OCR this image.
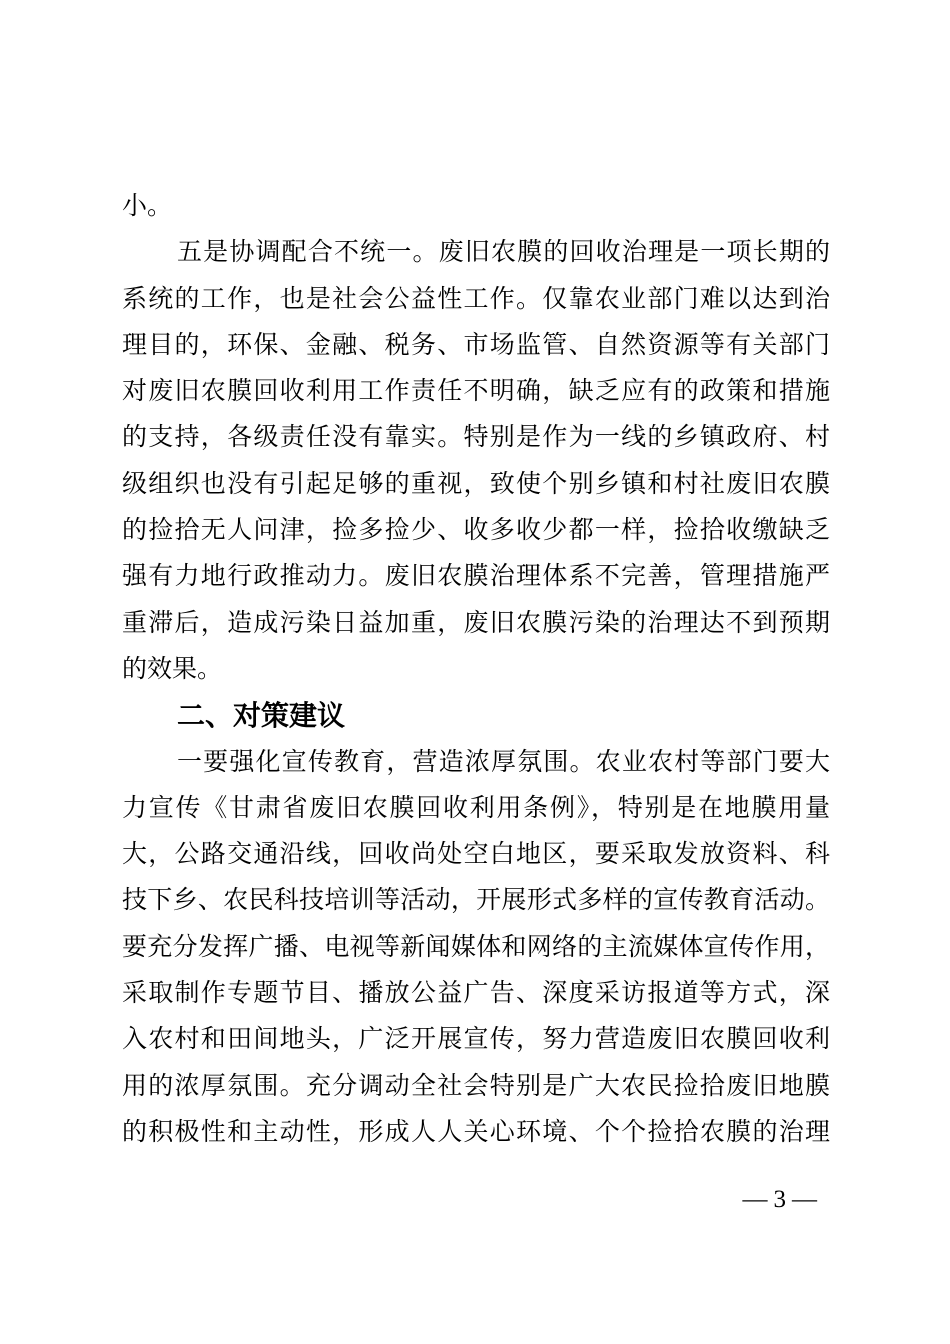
小。
五是协调配合不统一。废旧农膜的回收治理是一项长期的
系统的工作，也是社会公益性工作。仅靠农业部门难以达到治
理目的，环保、金融、税务、市场监管、自然资源等有关部门
对废旧农膜回收利用工作责任不明确，缺乏应有的政策和措施
的支持，各级责任没有靠实。特别是作为一线的乡镇政府、村
级组织也没有引起足够的重视，致使个别乡镇和村社废旧农膜
的捡拾无人问津，捡多捡少、收多收少都一样，捡拾收缴缺乏
强有力地行政推动力。废旧农膜治理体系不完善，管理措施严
重滞后，造成污染日益加重，废旧农膜污染的治理达不到预期
的效果。
二、对策建议
一要强化宣传教育，营造浓厚氛围。农业农村等部门要大
力宣传《甘肃省废旧农膜回收利用条例》，特别是在地膜用量
大，公路交通沿线，回收尚处空白地区，要采取发放资料、科
技下乡、农民科技培训等活动，开展形式多样的宣传教育活动。
要充分发挥广播、电视等新闻媒体和网络的主流媒体宣传作用，
采取制作专题节目、播放公益广告、深度采访报道等方式，深
入农村和田间地头，广泛开展宣传，努力营造废旧农膜回收利
用的浓厚氛围。充分调动全社会特别是广大农民捡拾废旧地膜
的积极性和主动性，形成人人关心环境、个个捡拾农膜的治理
—3—
